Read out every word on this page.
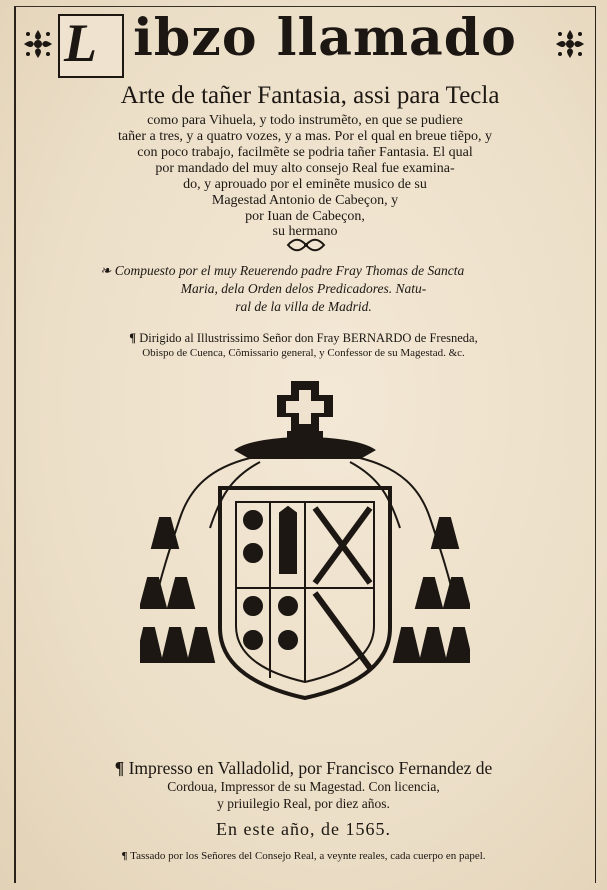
L ibzo llamado
Arte de tañer Fantasia, assi para Tecla
como para Vihuela, y todo instrumẽto, en que se pudiere
tañer a tres, y a quatro vozes, y a mas. Por el qual en breue tiẽpo, y
con poco trabajo, facilmẽte se podria tañer Fantasia. El qual
por mandado del muy alto consejo Real fue examina-
do, y aprouado por el eminẽte musico de su
Magestad Antonio de Cabeçon, y
por Iuan de Cabeçon,
su hermano
❧ Compuesto por el muy Reuerendo padre Fray Thomas de Sancta
Maria, dela Orden delos Predicadores. Natu-
ral de la villa de Madrid.
¶ Dirigido al Illustrissimo Señor don Fray BERNARDO de Fresneda,
Obispo de Cuenca, Cõmissario general, y Confessor de su Magestad. &c.
¶ Impresso en Valladolid, por Francisco Fernandez de
Cordoua, Impressor de su Magestad. Con licencia,
y priuilegio Real, por diez años.
En este año, de 1565.
¶ Tassado por los Señores del Consejo Real, a veynte reales, cada cuerpo en papel.
